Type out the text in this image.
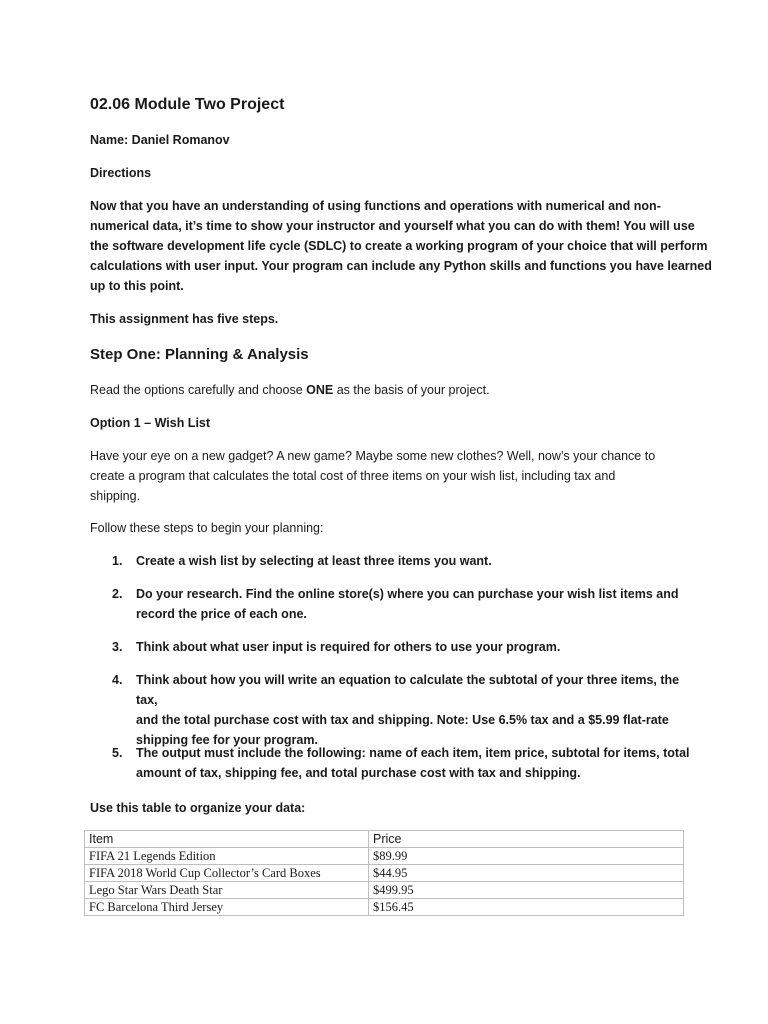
02.06 Module Two Project

Name: Daniel Romanov

Directions

Now that you have an understanding of using functions and operations with numerical and non-

numerical data, it’s time to show your instructor and yourself what you can do with them! You will use

the software development life cycle (SDLC) to create a working program of your choice that will perform

calculations with user input. Your program can include any Python skills and functions you have learned

up to this point.

This assignment has five steps.

Step One: Planning & Analysis

Read the options carefully and choose ONE as the basis of your project.

Option 1 – Wish List

Have your eye on a new gadget? A new game? Maybe some new clothes? Well, now’s your chance to

create a program that calculates the total cost of three items on your wish list, including tax and

shipping.

Follow these steps to begin your planning:

1. Create a wish list by selecting at least three items you want.
2. Do your research. Find the online store(s) where you can purchase your wish list items and
record the price of each one.
3. Think about what user input is required for others to use your program.
4. Think about how you will write an equation to calculate the subtotal of your three items, the tax,
and the total purchase cost with tax and shipping. Note: Use 6.5% tax and a $5.99 flat-rate
shipping fee for your program.
5. The output must include the following: name of each item, item price, subtotal for items, total
amount of tax, shipping fee, and total purchase cost with tax and shipping.

Use this table to organize your data:

Item	Price
FIFA 21 Legends Edition	$89.99
FIFA 2018 World Cup Collector’s Card Boxes	$44.95
Lego Star Wars Death Star	$499.95
FC Barcelona Third Jersey	$156.45
